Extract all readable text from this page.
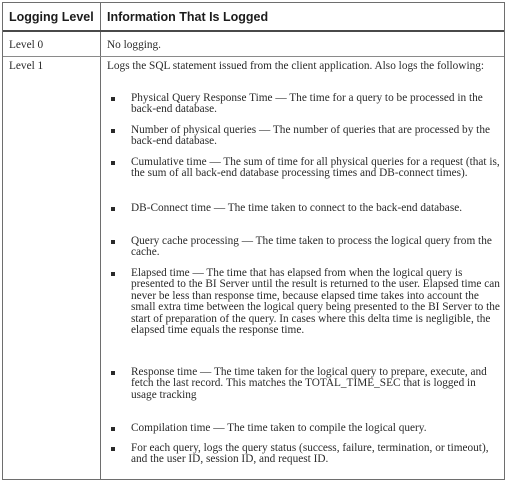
Logging Level Information That Is Logged
Level 0	No logging.
Level 1	Logs the SQL statement issued from the client application. Also logs the following:
Physical Query Response Time — The time for a query to be processed in the back-end database.
Number of physical queries — The number of queries that are processed by the back-end database.
Cumulative time — The sum of time for all physical queries for a request (that is, the sum of all back-end database processing times and DB-connect times).
DB-Connect time — The time taken to connect to the back-end database.
Query cache processing — The time taken to process the logical query from the cache.
Elapsed time — The time that has elapsed from when the logical query is presented to the BI Server until the result is returned to the user. Elapsed time can never be less than response time, because elapsed time takes into account the small extra time between the logical query being presented to the BI Server to the start of preparation of the query. In cases where this delta time is negligible, the elapsed time equals the response time.
Response time — The time taken for the logical query to prepare, execute, and fetch the last record. This matches the TOTAL_TIME_SEC that is logged in usage tracking
Compilation time — The time taken to compile the logical query.
For each query, logs the query status (success, failure, termination, or timeout), and the user ID, session ID, and request ID.
